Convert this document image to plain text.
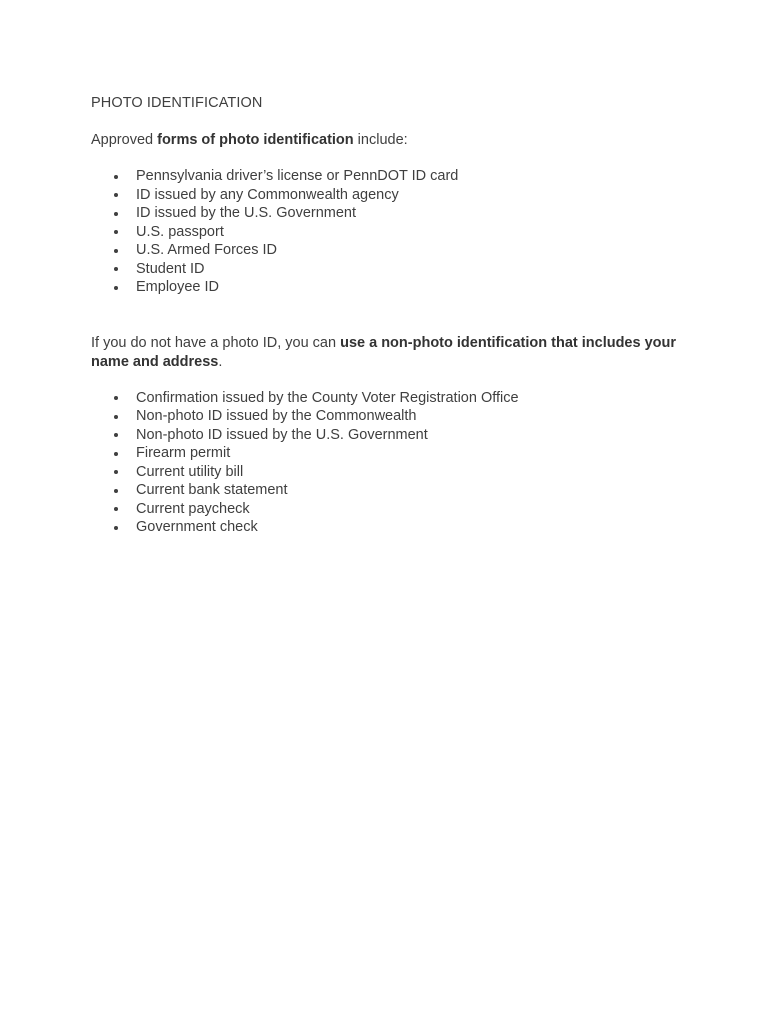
PHOTO IDENTIFICATION

Approved forms of photo identification include:

Pennsylvania driver’s license or PennDOT ID card
ID issued by any Commonwealth agency
ID issued by the U.S. Government
U.S. passport
U.S. Armed Forces ID
Student ID
Employee ID

If you do not have a photo ID, you can use a non-photo identification that includes your name and address.

Confirmation issued by the County Voter Registration Office
Non-photo ID issued by the Commonwealth
Non-photo ID issued by the U.S. Government
Firearm permit
Current utility bill
Current bank statement
Current paycheck
Government check
